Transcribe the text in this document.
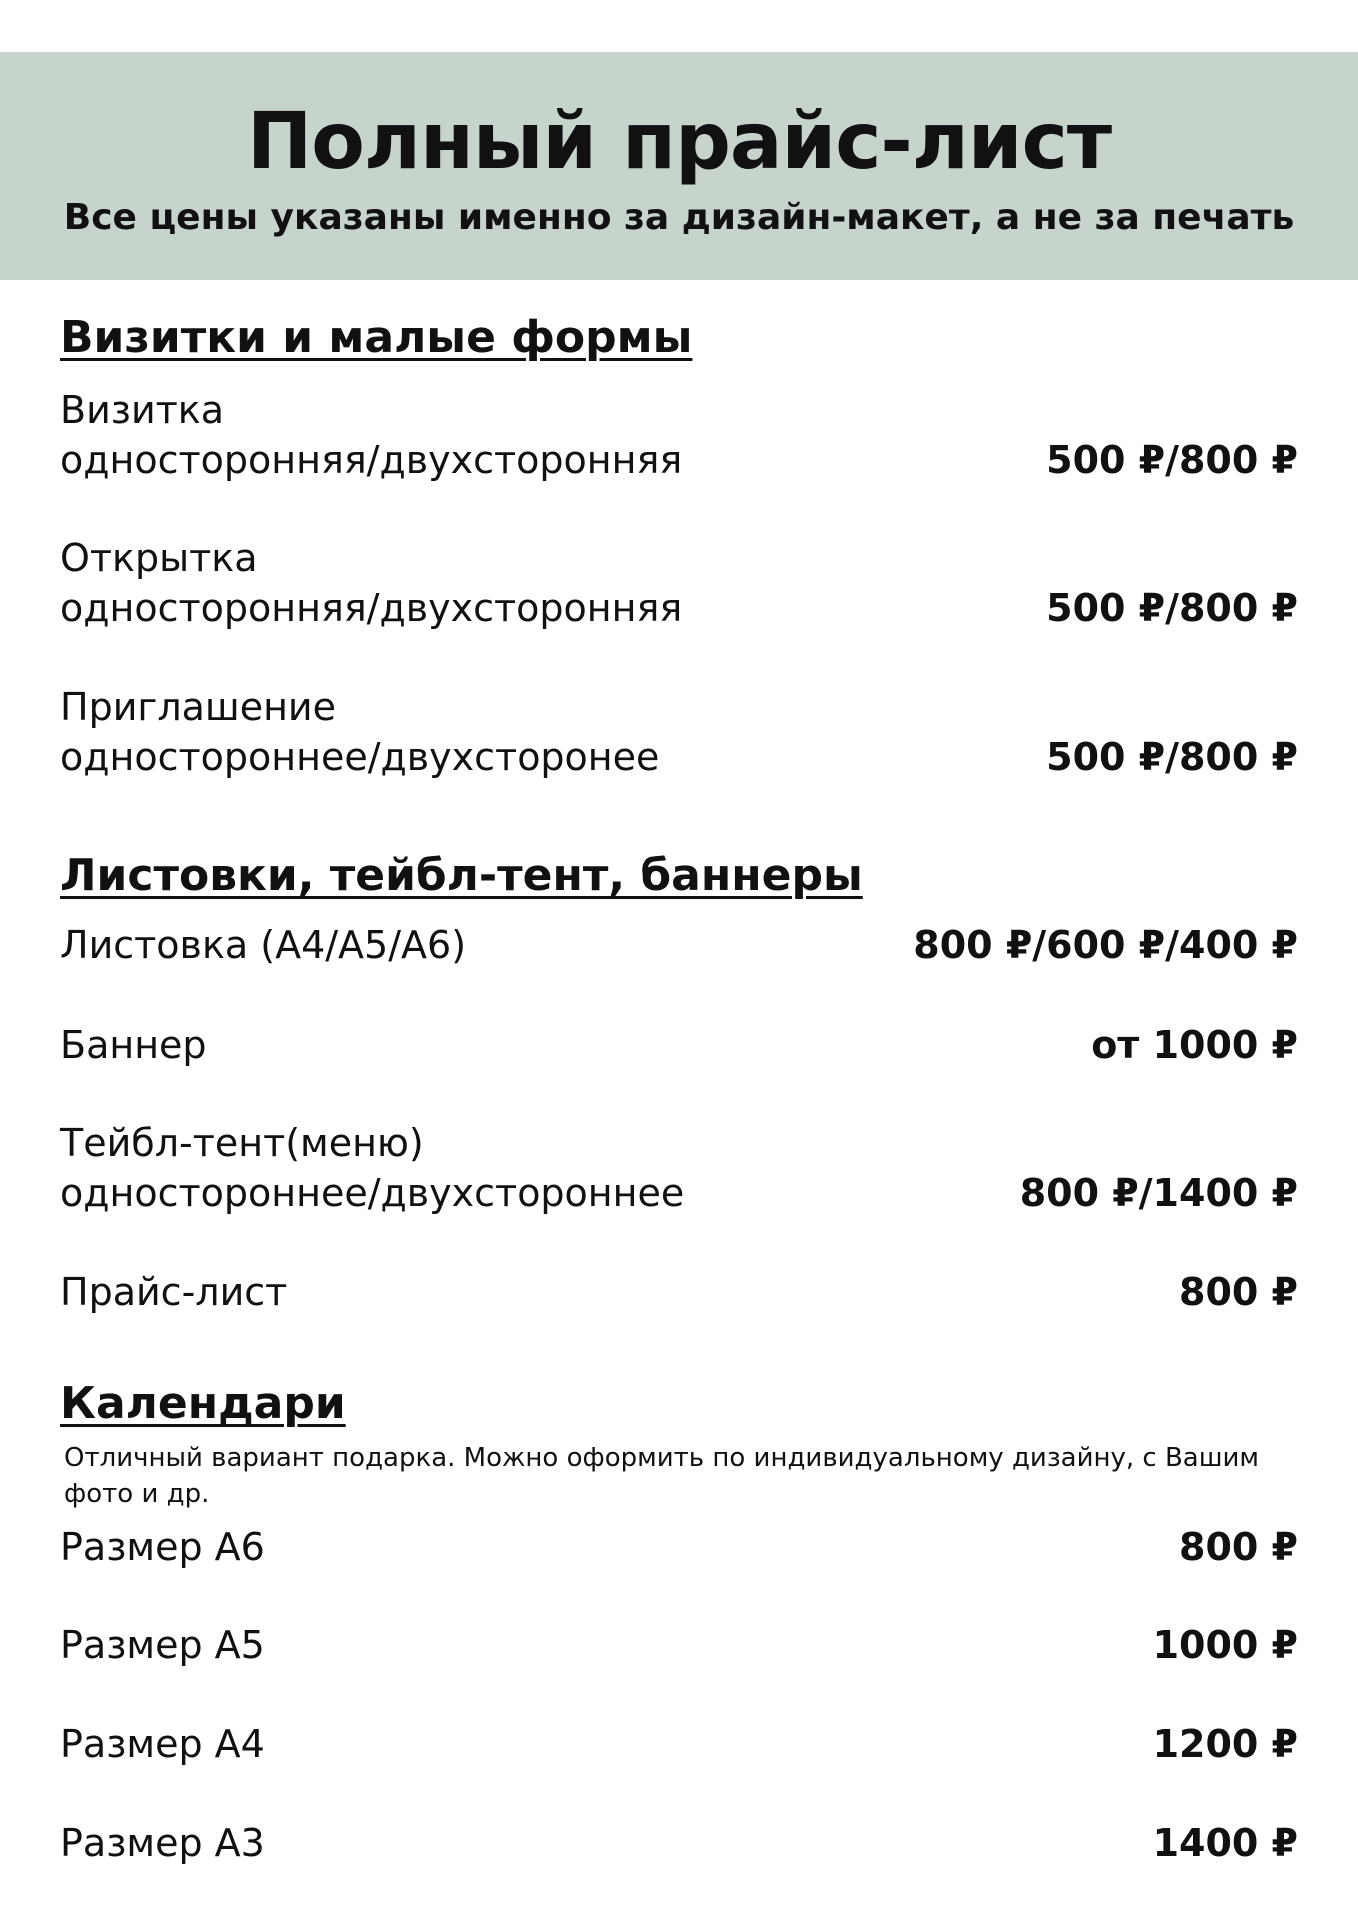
Полный прайс-лист
Все цены указаны именно за дизайн-макет, а не за печать
Визитки и малые формы
Визитка
односторонняя/двухсторонняя	500 ₽/800 ₽
Открытка
односторонняя/двухсторонняя	500 ₽/800 ₽
Приглашение
одностороннее/двухсторонее	500 ₽/800 ₽
Листовки, тейбл-тент, баннеры
Листовка (А4/А5/А6)	800 ₽/600 ₽/400 ₽
Баннер	от 1000 ₽
Тейбл-тент(меню)
одностороннее/двухстороннее	800 ₽/1400 ₽
Прайс-лист	800 ₽
Календари
Отличный вариант подарка. Можно оформить по индивидуальному дизайну, с Вашим фото и др.
Размер А6	800 ₽
Размер А5	1000 ₽
Размер А4	1200 ₽
Размер А3	1400 ₽
